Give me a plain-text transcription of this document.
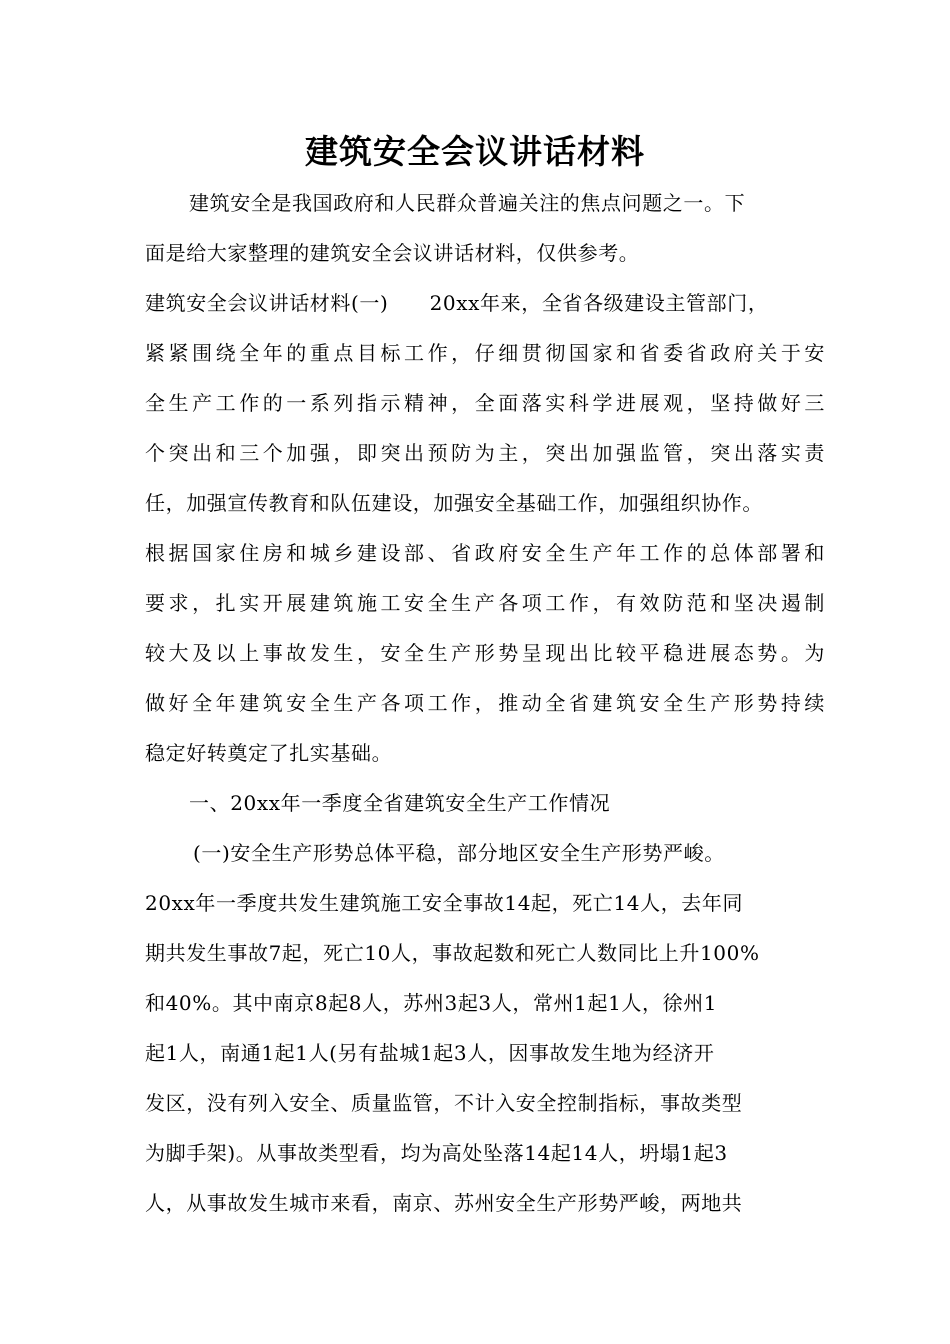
建筑安全会议讲话材料
建筑安全是我国政府和人民群众普遍关注的焦点问题之一。下
面是给大家整理的建筑安全会议讲话材料，仅供参考。
建筑安全会议讲话材料(一)　　20xx年来，全省各级建设主管部门，
紧紧围绕全年的重点目标工作，仔细贯彻国家和省委省政府关于安
全生产工作的一系列指示精神，全面落实科学进展观，坚持做好三
个突出和三个加强，即突出预防为主，突出加强监管，突出落实责
任，加强宣传教育和队伍建设，加强安全基础工作，加强组织协作。
根据国家住房和城乡建设部、省政府安全生产年工作的总体部署和
要求，扎实开展建筑施工安全生产各项工作，有效防范和坚决遏制
较大及以上事故发生，安全生产形势呈现出比较平稳进展态势。为
做好全年建筑安全生产各项工作，推动全省建筑安全生产形势持续
稳定好转奠定了扎实基础。
一、20xx年一季度全省建筑安全生产工作情况
(一)安全生产形势总体平稳，部分地区安全生产形势严峻。
20xx年一季度共发生建筑施工安全事故14起，死亡14人，去年同
期共发生事故7起，死亡10人，事故起数和死亡人数同比上升100%
和40%。其中南京8起8人，苏州3起3人，常州1起1人，徐州1
起1人，南通1起1人(另有盐城1起3人，因事故发生地为经济开
发区，没有列入安全、质量监管，不计入安全控制指标，事故类型
为脚手架)。从事故类型看，均为高处坠落14起14人，坍塌1起3
人，从事故发生城市来看，南京、苏州安全生产形势严峻，两地共
